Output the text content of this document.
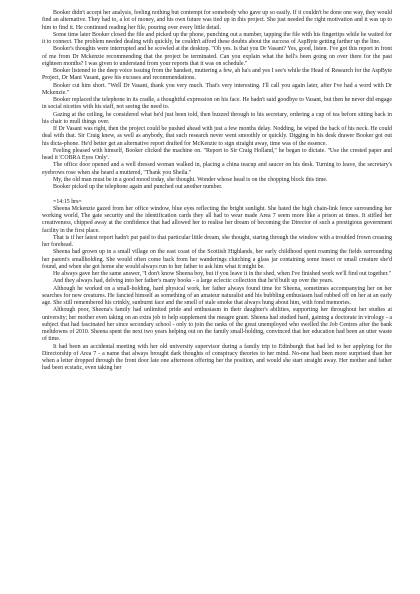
Booker didn't accept her analysis, feeling nothing but contempt for somebody who gave up so easily. If it couldn't be done one way, they would find an alternative. They had to, a lot of money, and his own future was tied up in this project. She just needed the right motivation and it was up to him to find it. He continued reading her file, pouring over every little detail.

Some time later Booker closed the file and picked up the phone, punching out a number, tapping the file with his fingertips while he waited for it to connect. The problem needed dealing with quickly, he couldn't afford these doubts about the success of AspByte getting farther up the line.

Booker's thoughts were interrupted and he scowled at the desktop. "Oh yes. Is that you Dr Vasant? Yes, good, listen. I've got this report in front of me from Dr Mckenzie recommending that the project be terminated. Can you explain what the hell's been going on over there for the past eighteen months? I was given to understand from your reports that it was on schedule."

Booker listened to the deep voice issuing from the handset, muttering a few, ah ha's and yes I see's while the Head of Research for the AspByte Project, Dr Mani Vasant, gave his excuses and recommendations.

Booker cut him short. "Well Dr Vasant, thank you very much. That's very interesting. I'll call you again later, after I've had a word with Dr Mckenzie."

Booker replaced the telephone in its cradle, a thoughtful expression on his face. He hadn't said goodbye to Vasant, but then he never did engage in social niceties with his staff, not seeing the need to.

Gazing at the ceiling, he considered what he'd just been told, then buzzed through to his secretary, ordering a cup of tea before sitting back in his chair to mull things over.

If Dr Vasant was right, then the project could be pushed ahead with just a few months delay. Nodding, he wiped the back of his neck. He could deal with that. Sir Craig knew, as well as anybody, that such research never went smoothly or quickly. Digging in his desk drawer Booker got out his dicta-phone. He'd better get an alternative report drafted for McKenzie to sign straight away, time was of the essence.

Feeling pleased with himself, Booker clicked the machine on. "Report to Sir Craig Holland," he began to dictate. "Use the crested paper and head it 'COBRA Eyes Only'.

The office door opened and a well dressed woman walked in, placing a china teacup and saucer on his desk. Turning to leave, the secretary's eyebrows rose when she heard a muttered, "Thank you Sheila."

My, the old man must be in a good mood today, she thought. Wonder whose head is on the chopping block this time.

Booker picked up the telephone again and punched out another number.

=14:15 hrs=

Sheena Mckenzie gazed from her office window, blue eyes reflecting the bright sunlight. She hated the high chain-link fence surrounding her working world, The gate security and the identification cards they all had to wear made Area 7 seem more like a prison at times. It stifled her creativeness, chipped away at the confidence that had allowed her to realise her dream of becoming the Director of such a prestigious government facility in the first place.

That is if her latest report hadn't put paid to that particular little dream, she thought, staring through the window with a troubled frown creasing her forehead.

Sheena had grown up in a small village on the east coast of the Scottish Highlands, her early childhood spent roaming the fields surrounding her parent's smallholding. She would often come back from her wanderings clutching a glass jar containing some insect or small creature she'd found, and when she got home she would always run to her father to ask him what it might be.

He always gave her the same answer, "I don't know Sheena boy, but if you leave it in the shed, when I've finished work we'll find out together."

And they always had, delving into her father's many books - a large eclectic collection that he'd built up over the years.

Although he worked on a small-holding, hard physical work, her father always found time for Sheena, sometimes accompanying her on her searches for new creatures. He fancied himself as something of an amateur naturalist and his bubbling enthusiasm had rubbed off on her at an early age. She still remembered his crinkly, sunburnt face and the smell of stale smoke that always hung about him, with fond memories.

Although poor, Sheena's family had unlimited pride and enthusiasm in their daughter's abilities, supporting her throughout her studies at university; her mother even taking on an extra job to help supplement the meagre grant. Sheena had studied hard, gaining a doctorate in virology - a subject that had fascinated her since secondary school - only to join the ranks of the great unemployed who swelled the Job Centres after the bank meltdowns of 2010. Sheena spent the next two years helping out on the family small-holding, convinced that her education had been an utter waste of time.

It had been an accidental meeting with her old university supervisor during a family trip to Edinburgh that had led to her applying for the Directorship of Area 7 - a name that always brought dark thoughts of conspiracy theories to her mind. No-one had been more surprised than her when a letter dropped through the front door late one afternoon offering her the position, and would she start straight away. Her mother and father had been ecstatic, even taking her
